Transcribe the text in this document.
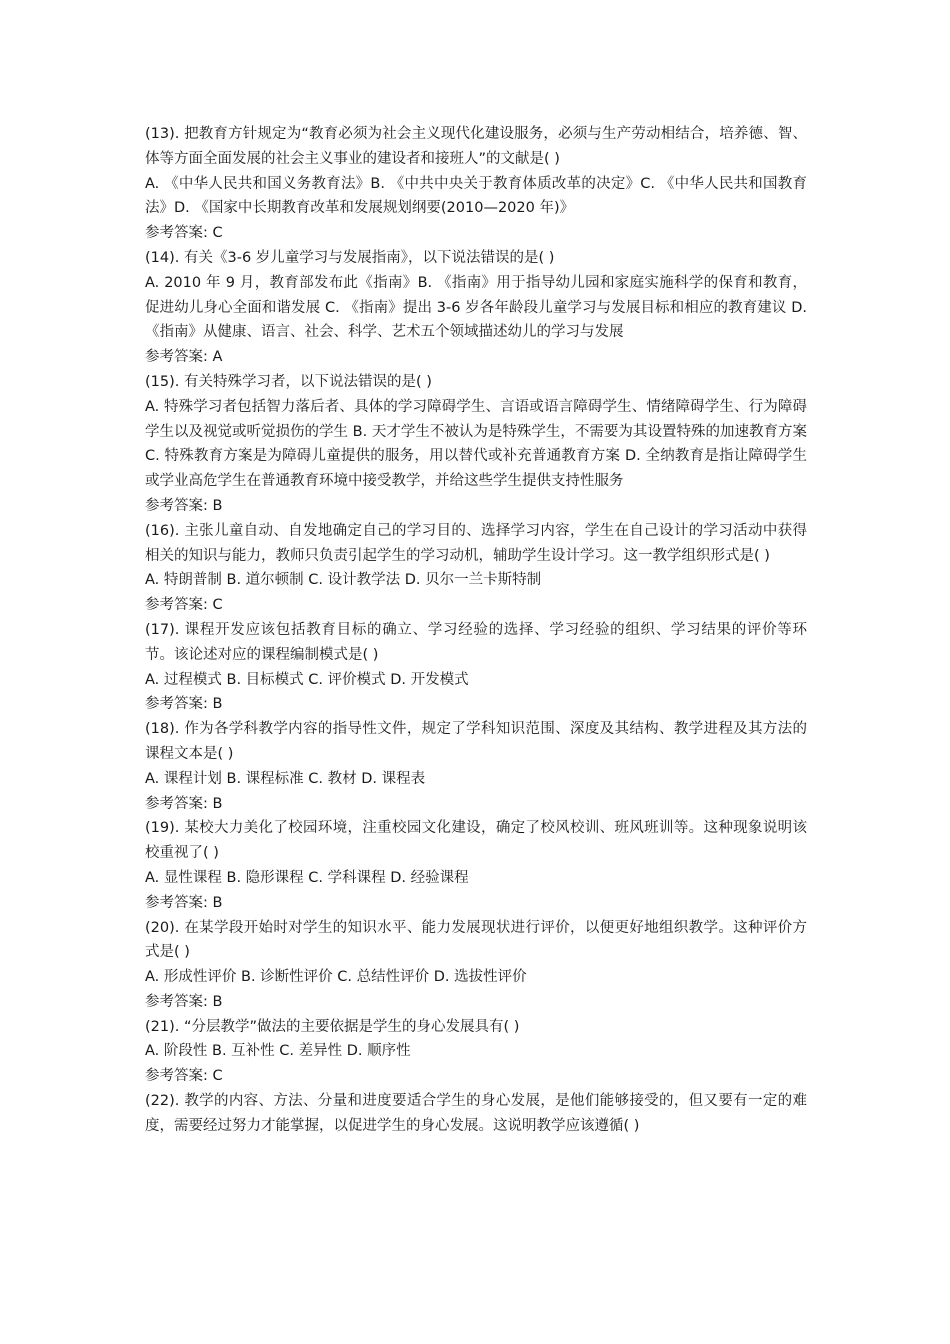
(13). 把教育方针规定为“教育必须为社会主义现代化建设服务，必须与生产劳动相结合，培养德、智、体等方面全面发展的社会主义事业的建设者和接班人”的文献是( )

A. 《中华人民共和国义务教育法》B. 《中共中央关于教育体质改革的决定》C. 《中华人民共和国教育法》D. 《国家中长期教育改革和发展规划纲要(2010—2020 年)》

参考答案: C

(14). 有关《3-6 岁儿童学习与发展指南》，以下说法错误的是( )

A. 2010 年 9 月，教育部发布此《指南》B. 《指南》用于指导幼儿园和家庭实施科学的保育和教育，促进幼儿身心全面和谐发展 C. 《指南》提出 3-6 岁各年龄段儿童学习与发展目标和相应的教育建议 D. 《指南》从健康、语言、社会、科学、艺术五个领域描述幼儿的学习与发展

参考答案: A

(15). 有关特殊学习者，以下说法错误的是( )

A. 特殊学习者包括智力落后者、具体的学习障碍学生、言语或语言障碍学生、情绪障碍学生、行为障碍学生以及视觉或听觉损伤的学生 B. 天才学生不被认为是特殊学生，不需要为其设置特殊的加速教育方案 C. 特殊教育方案是为障碍儿童提供的服务，用以替代或补充普通教育方案 D. 全纳教育是指让障碍学生或学业高危学生在普通教育环境中接受教学，并给这些学生提供支持性服务

参考答案: B

(16). 主张儿童自动、自发地确定自己的学习目的、选择学习内容，学生在自己设计的学习活动中获得相关的知识与能力，教师只负责引起学生的学习动机，辅助学生设计学习。这一教学组织形式是( )

A. 特朗普制 B. 道尔顿制 C. 设计教学法 D. 贝尔一兰卡斯特制

参考答案: C

(17). 课程开发应该包括教育目标的确立、学习经验的选择、学习经验的组织、学习结果的评价等环节。该论述对应的课程编制模式是( )

A. 过程模式 B. 目标模式 C. 评价模式 D. 开发模式

参考答案: B

(18). 作为各学科教学内容的指导性文件，规定了学科知识范围、深度及其结构、教学进程及其方法的课程文本是( )

A. 课程计划 B. 课程标准 C. 教材 D. 课程表

参考答案: B

(19). 某校大力美化了校园环境，注重校园文化建设，确定了校风校训、班风班训等。这种现象说明该校重视了( )

A. 显性课程 B. 隐形课程 C. 学科课程 D. 经验课程

参考答案: B

(20). 在某学段开始时对学生的知识水平、能力发展现状进行评价，以便更好地组织教学。这种评价方式是( )

A. 形成性评价 B. 诊断性评价 C. 总结性评价 D. 选拔性评价

参考答案: B

(21). “分层教学”做法的主要依据是学生的身心发展具有( )

A. 阶段性 B. 互补性 C. 差异性 D. 顺序性

参考答案: C

(22). 教学的内容、方法、分量和进度要适合学生的身心发展，是他们能够接受的，但又要有一定的难度，需要经过努力才能掌握，以促进学生的身心发展。这说明教学应该遵循( )
